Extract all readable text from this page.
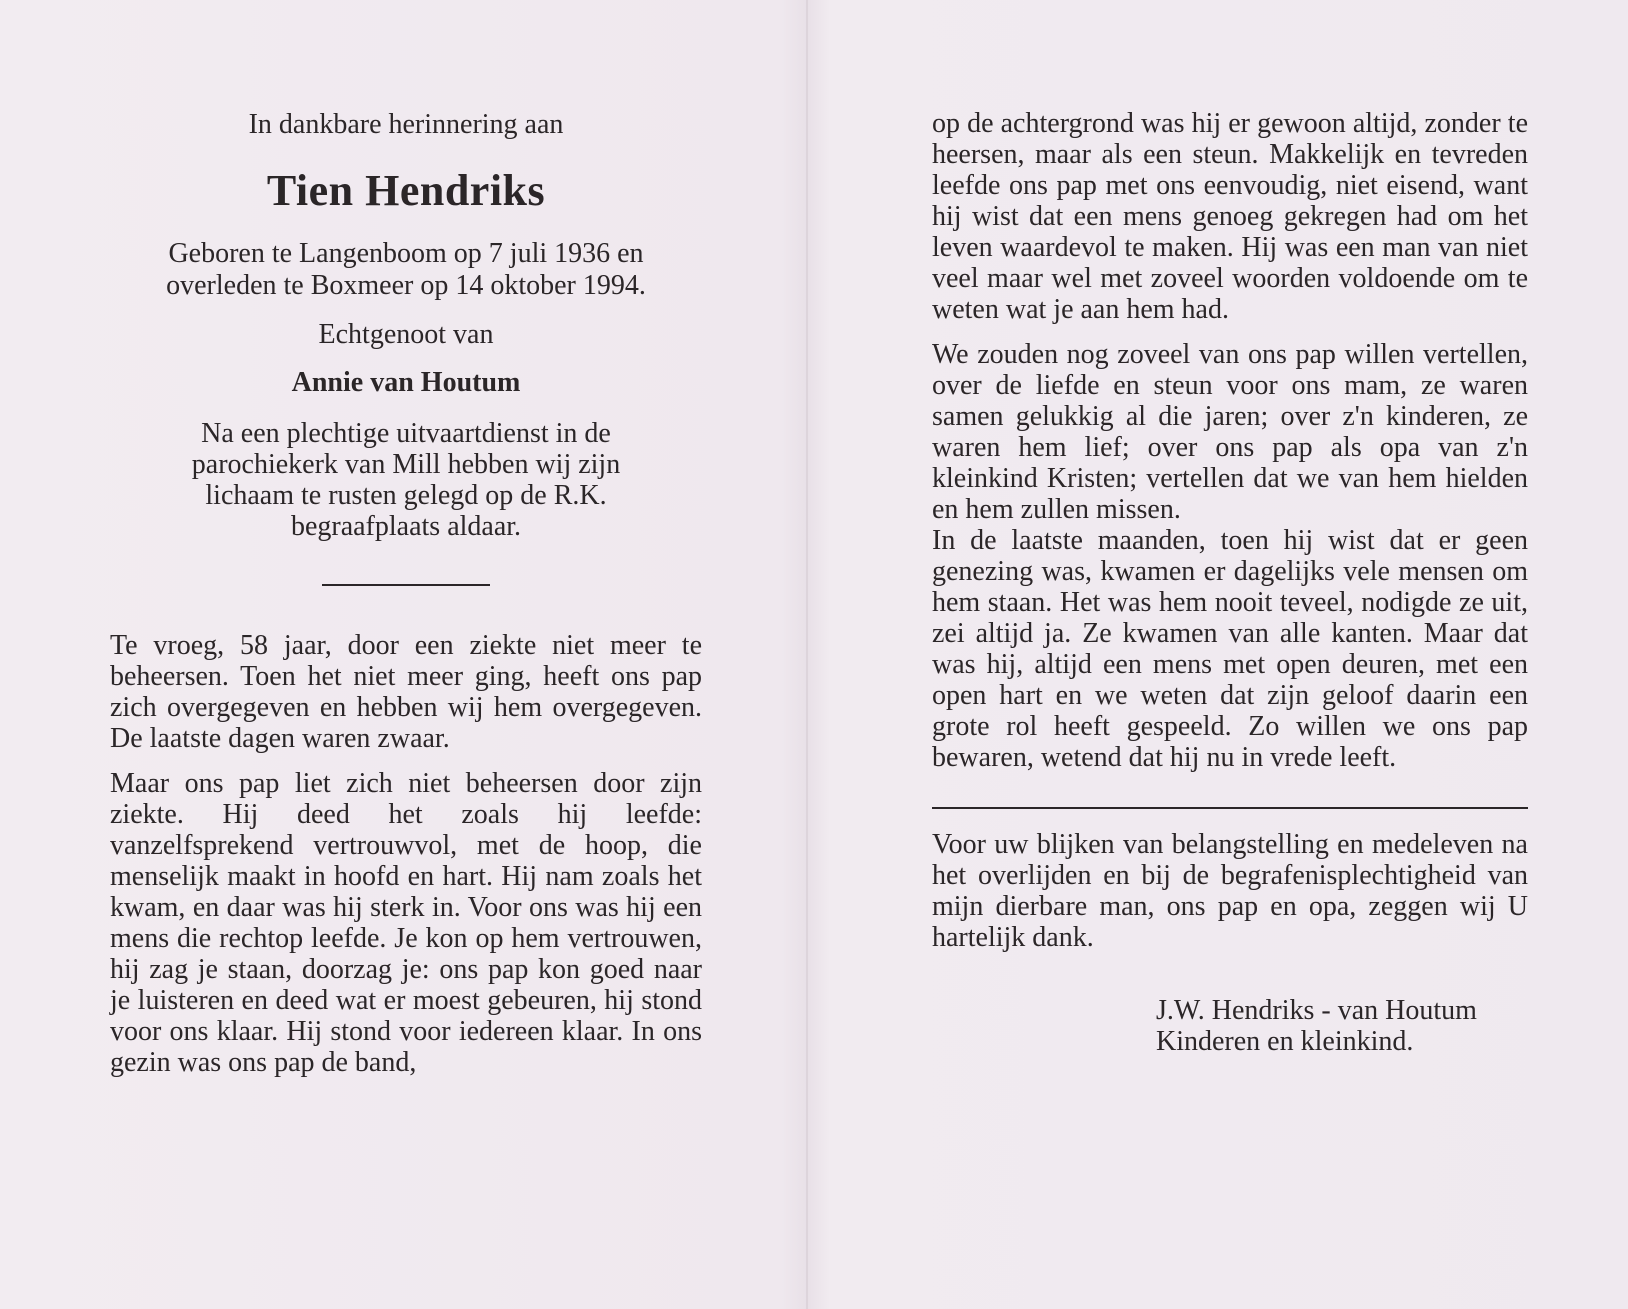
In dankbare herinnering aan

Tien Hendriks

Geboren te Langenboom op 7 juli 1936 en overleden te Boxmeer op 14 oktober 1994.

Echtgenoot van

Annie van Houtum

Na een plechtige uitvaartdienst in de parochiekerk van Mill hebben wij zijn lichaam te rusten gelegd op de R.K. begraafplaats aldaar.

Te vroeg, 58 jaar, door een ziekte niet meer te beheersen. Toen het niet meer ging, heeft ons pap zich overgegeven en hebben wij hem overgegeven. De laatste dagen waren zwaar.

Maar ons pap liet zich niet beheersen door zijn ziekte. Hij deed het zoals hij leefde: vanzelfsprekend vertrouwvol, met de hoop, die menselijk maakt in hoofd en hart. Hij nam zoals het kwam, en daar was hij sterk in. Voor ons was hij een mens die rechtop leefde. Je kon op hem vertrouwen, hij zag je staan, doorzag je: ons pap kon goed naar je luisteren en deed wat er moest gebeuren, hij stond voor ons klaar. Hij stond voor iedereen klaar. In ons gezin was ons pap de band,

op de achtergrond was hij er gewoon altijd, zonder te heersen, maar als een steun. Makkelijk en tevreden leefde ons pap met ons eenvoudig, niet eisend, want hij wist dat een mens genoeg gekregen had om het leven waardevol te maken. Hij was een man van niet veel maar wel met zoveel woorden voldoende om te weten wat je aan hem had.

We zouden nog zoveel van ons pap willen vertellen, over de liefde en steun voor ons mam, ze waren samen gelukkig al die jaren; over z'n kinderen, ze waren hem lief; over ons pap als opa van z'n kleinkind Kristen; vertellen dat we van hem hielden en hem zullen missen.

In de laatste maanden, toen hij wist dat er geen genezing was, kwamen er dagelijks vele mensen om hem staan. Het was hem nooit teveel, nodigde ze uit, zei altijd ja. Ze kwamen van alle kanten. Maar dat was hij, altijd een mens met open deuren, met een open hart en we weten dat zijn geloof daarin een grote rol heeft gespeeld. Zo willen we ons pap bewaren, wetend dat hij nu in vrede leeft.

Voor uw blijken van belangstelling en medeleven na het overlijden en bij de begrafenisplechtigheid van mijn dierbare man, ons pap en opa, zeggen wij U hartelijk dank.

J.W. Hendriks - van Houtum
Kinderen en kleinkind.
